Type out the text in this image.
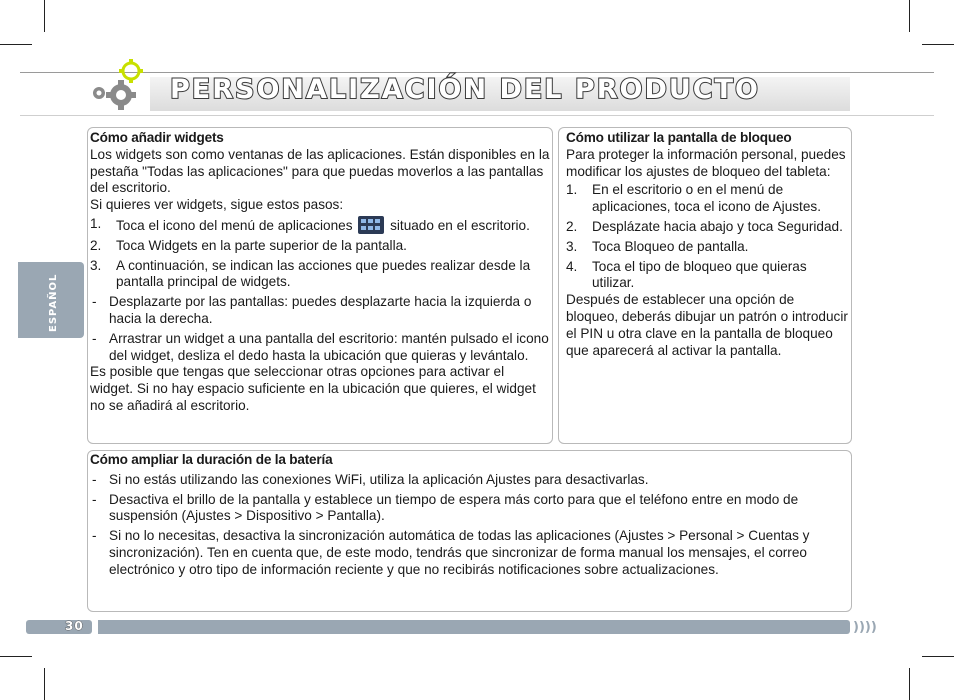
PERSONALIZACIÓN DEL PRODUCTO
ESPAÑOL

Cómo añadir widgets

Los widgets son como ventanas de las aplicaciones. Están disponibles en la pestaña "Todas las aplicaciones" para que puedas moverlos a las pantallas del escritorio.

Si quieres ver widgets, sigue estos pasos:

1. Toca el icono del menú de aplicaciones	situado en el escritorio.
2. Toca Widgets en la parte superior de la pantalla.
3. A continuación, se indican las acciones que puedes realizar desde la pantalla principal de widgets.
- Desplazarte por las pantallas: puedes desplazarte hacia la izquierda o hacia la derecha.
- Arrastrar un widget a una pantalla del escritorio: mantén pulsado el icono del widget, desliza el dedo hasta la ubicación que quieras y levántalo.

Es posible que tengas que seleccionar otras opciones para activar el widget. Si no hay espacio suficiente en la ubicación que quieres, el widget no se añadirá al escritorio.

Cómo utilizar la pantalla de bloqueo

Para proteger la información personal, puedes modificar los ajustes de bloqueo del tableta:

1. En el escritorio o en el menú de aplicaciones, toca el icono de Ajustes.
2. Desplázate hacia abajo y toca Seguridad.
3. Toca Bloqueo de pantalla.
4. Toca el tipo de bloqueo que quieras utilizar.

Después de establecer una opción de bloqueo, deberás dibujar un patrón o introducir el PIN u otra clave en la pantalla de bloqueo que aparecerá al activar la pantalla.

Cómo ampliar la duración de la batería

- Si no estás utilizando las conexiones WiFi, utiliza la aplicación Ajustes para desactivarlas.
- Desactiva el brillo de la pantalla y establece un tiempo de espera más corto para que el teléfono entre en modo de suspensión (Ajustes > Dispositivo > Pantalla).
- Si no lo necesitas, desactiva la sincronización automática de todas las aplicaciones (Ajustes > Personal > Cuentas y sincronización). Ten en cuenta que, de este modo, tendrás que sincronizar de forma manual los mensajes, el correo electrónico y otro tipo de información reciente y que no recibirás notificaciones sobre actualizaciones.
30	))))
